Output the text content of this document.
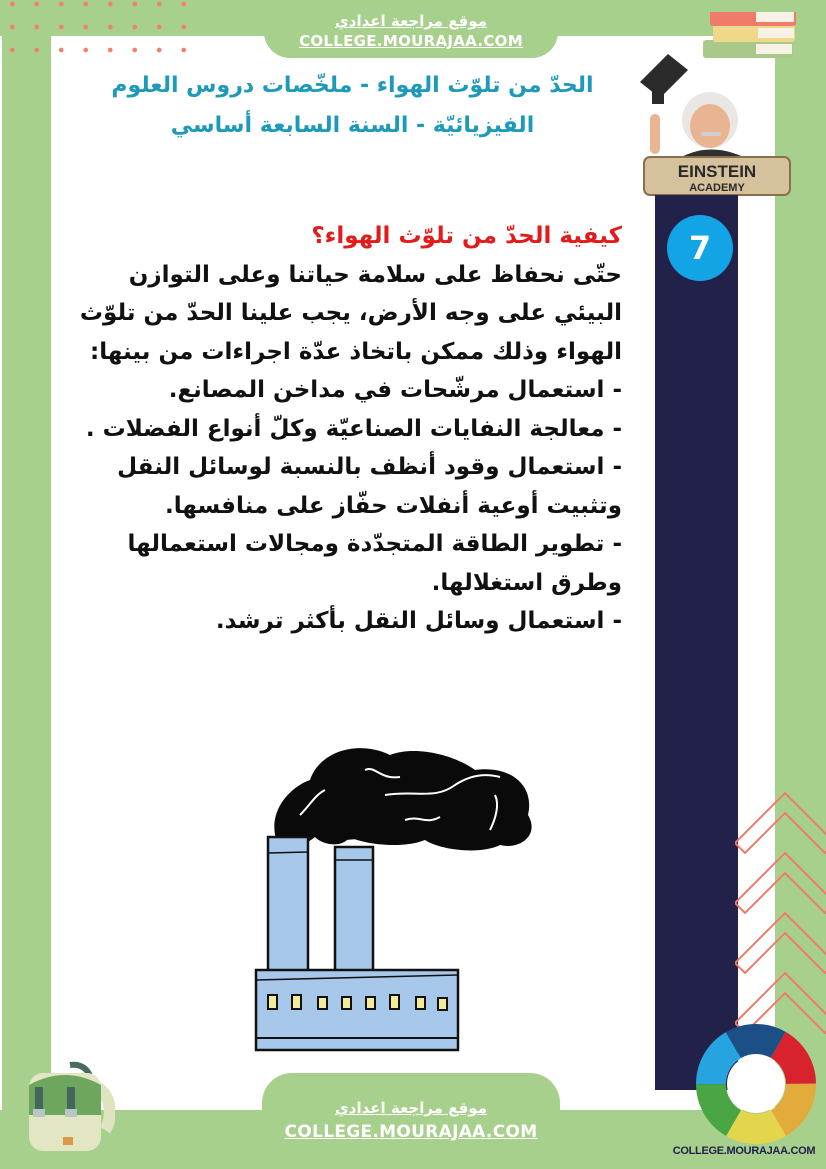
موقع مراجعة اعدادي
COLLEGE.MOURAJAA.COM
الحدّ من تلوّث الهواء - ملخّصات دروس العلوم
الفيزيائيّة - السنة السابعة أساسي
EINSTEIN
ACADEMY
7

كيفية الحدّ من تلوّث الهواء؟

حتّى نحفاظ على سلامة حياتنا وعلى التوازن البيئي على وجه الأرض، يجب علينا الحدّ من تلوّث الهواء وذلك ممكن باتخاذ عدّة اجراءات من بينها:

- استعمال مرشّحات في مداخن المصانع.

- معالجة النفايات الصناعيّة وكلّ أنواع الفضلات .

- استعمال وقود أنظف بالنسبة لوسائل النقل وتثبيت أوعية أنفلات حفّاز على منافسها.

- تطوير الطاقة المتجدّدة ومجالات استعمالها وطرق استغلالها.

- استعمال وسائل النقل بأكثر ترشد.

COLLEGE.MOURAJAA.COM
موقع مراجعة اعدادي
COLLEGE.MOURAJAA.COM
